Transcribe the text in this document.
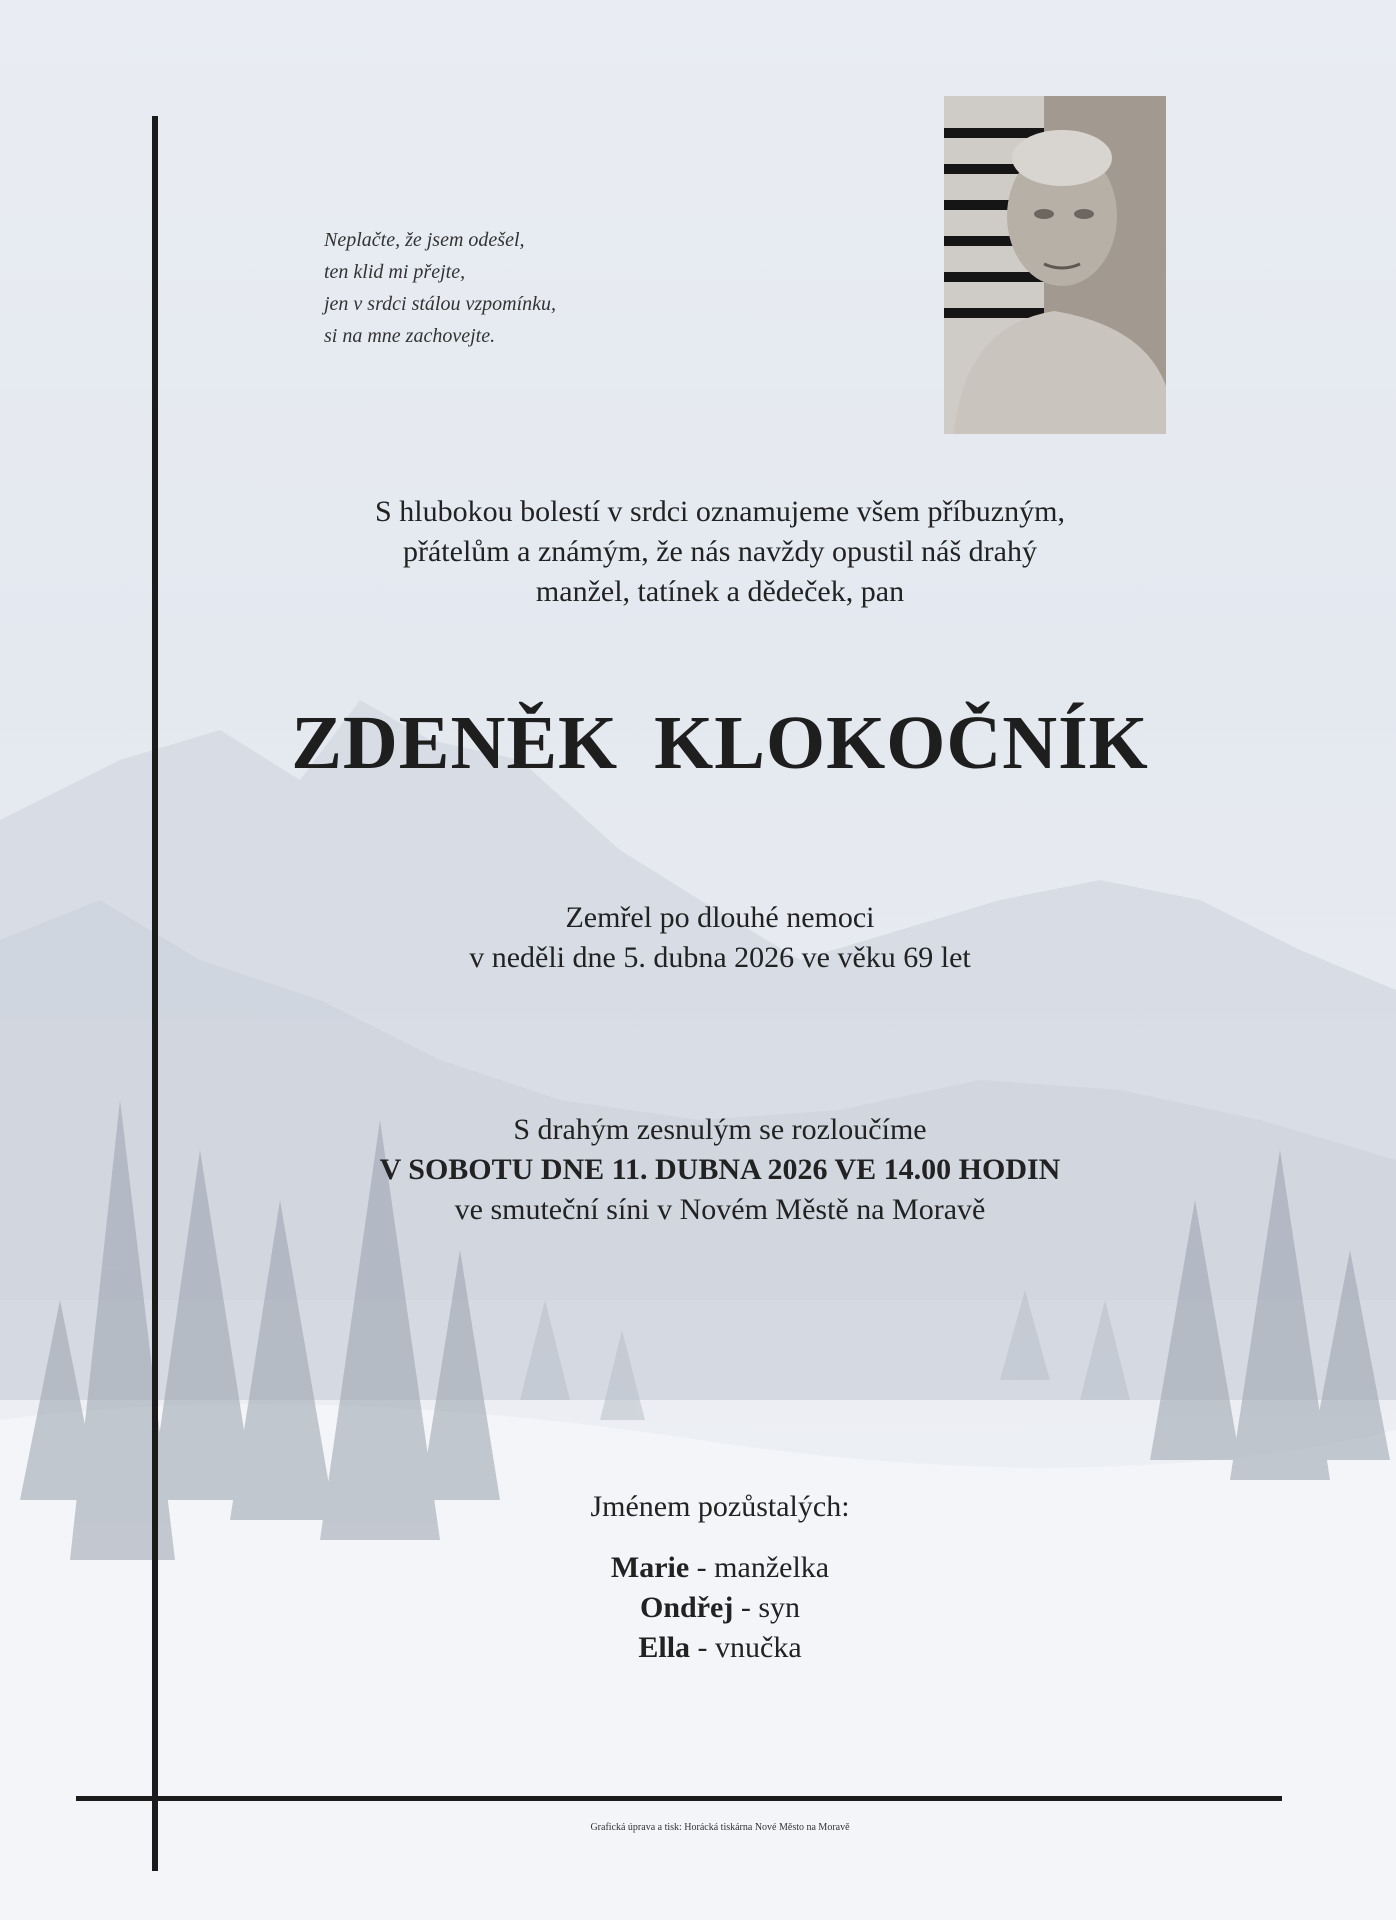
Neplačte, že jsem odešel,
ten klid mi přejte,
jen v srdci stálou vzpomínku,
si na mne zachovejte.
S hlubokou bolestí v srdci oznamujeme všem příbuzným,
přátelům a známým, že nás navždy opustil náš drahý
manžel, tatínek a dědeček, pan
ZDENĚK KLOKOČNÍK
Zemřel po dlouhé nemoci
v neděli dne 5. dubna 2026 ve věku 69 let
S drahým zesnulým se rozloučíme
V SOBOTU DNE 11. DUBNA 2026 VE 14.00 HODIN
ve smuteční síni v Novém Městě na Moravě
Jménem pozůstalých:
Marie - manželka
Ondřej - syn
Ella - vnučka
Grafická úprava a tisk: Horácká tiskárna Nové Město na Moravě
